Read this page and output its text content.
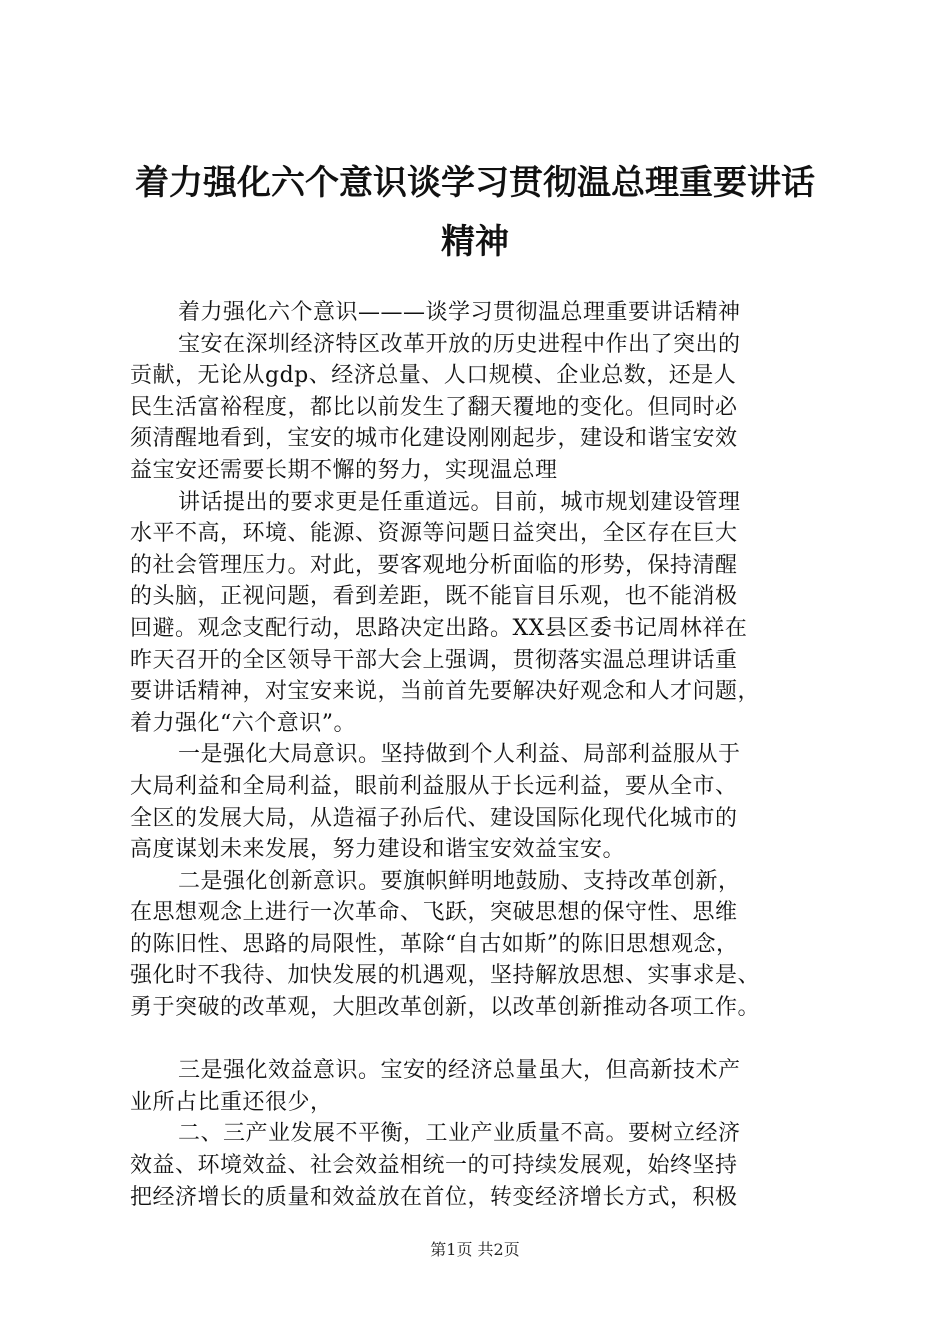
着力强化六个意识谈学习贯彻温总理重要讲话
精神
着力强化六个意识———谈学习贯彻温总理重要讲话精神
宝安在深圳经济特区改革开放的历史进程中作出了突出的
贡献，无论从gdp、经济总量、人口规模、企业总数，还是人
民生活富裕程度，都比以前发生了翻天覆地的变化。但同时必
须清醒地看到，宝安的城市化建设刚刚起步，建设和谐宝安效
益宝安还需要长期不懈的努力，实现温总理
讲话提出的要求更是任重道远。目前，城市规划建设管理
水平不高，环境、能源、资源等问题日益突出，全区存在巨大
的社会管理压力。对此，要客观地分析面临的形势，保持清醒
的头脑，正视问题，看到差距，既不能盲目乐观，也不能消极
回避。观念支配行动，思路决定出路。XX县区委书记周林祥在
昨天召开的全区领导干部大会上强调，贯彻落实温总理讲话重
要讲话精神，对宝安来说，当前首先要解决好观念和人才问题，
着力强化“六个意识”。
一是强化大局意识。坚持做到个人利益、局部利益服从于
大局利益和全局利益，眼前利益服从于长远利益，要从全市、
全区的发展大局，从造福子孙后代、建设国际化现代化城市的
高度谋划未来发展，努力建设和谐宝安效益宝安。
二是强化创新意识。要旗帜鲜明地鼓励、支持改革创新，
在思想观念上进行一次革命、飞跃，突破思想的保守性、思维
的陈旧性、思路的局限性，革除“自古如斯”的陈旧思想观念，
强化时不我待、加快发展的机遇观，坚持解放思想、实事求是、
勇于突破的改革观，大胆改革创新，以改革创新推动各项工作。
三是强化效益意识。宝安的经济总量虽大，但高新技术产
业所占比重还很少，
二、三产业发展不平衡，工业产业质量不高。要树立经济
效益、环境效益、社会效益相统一的可持续发展观，始终坚持
把经济增长的质量和效益放在首位，转变经济增长方式，积极
第1页 共2页
